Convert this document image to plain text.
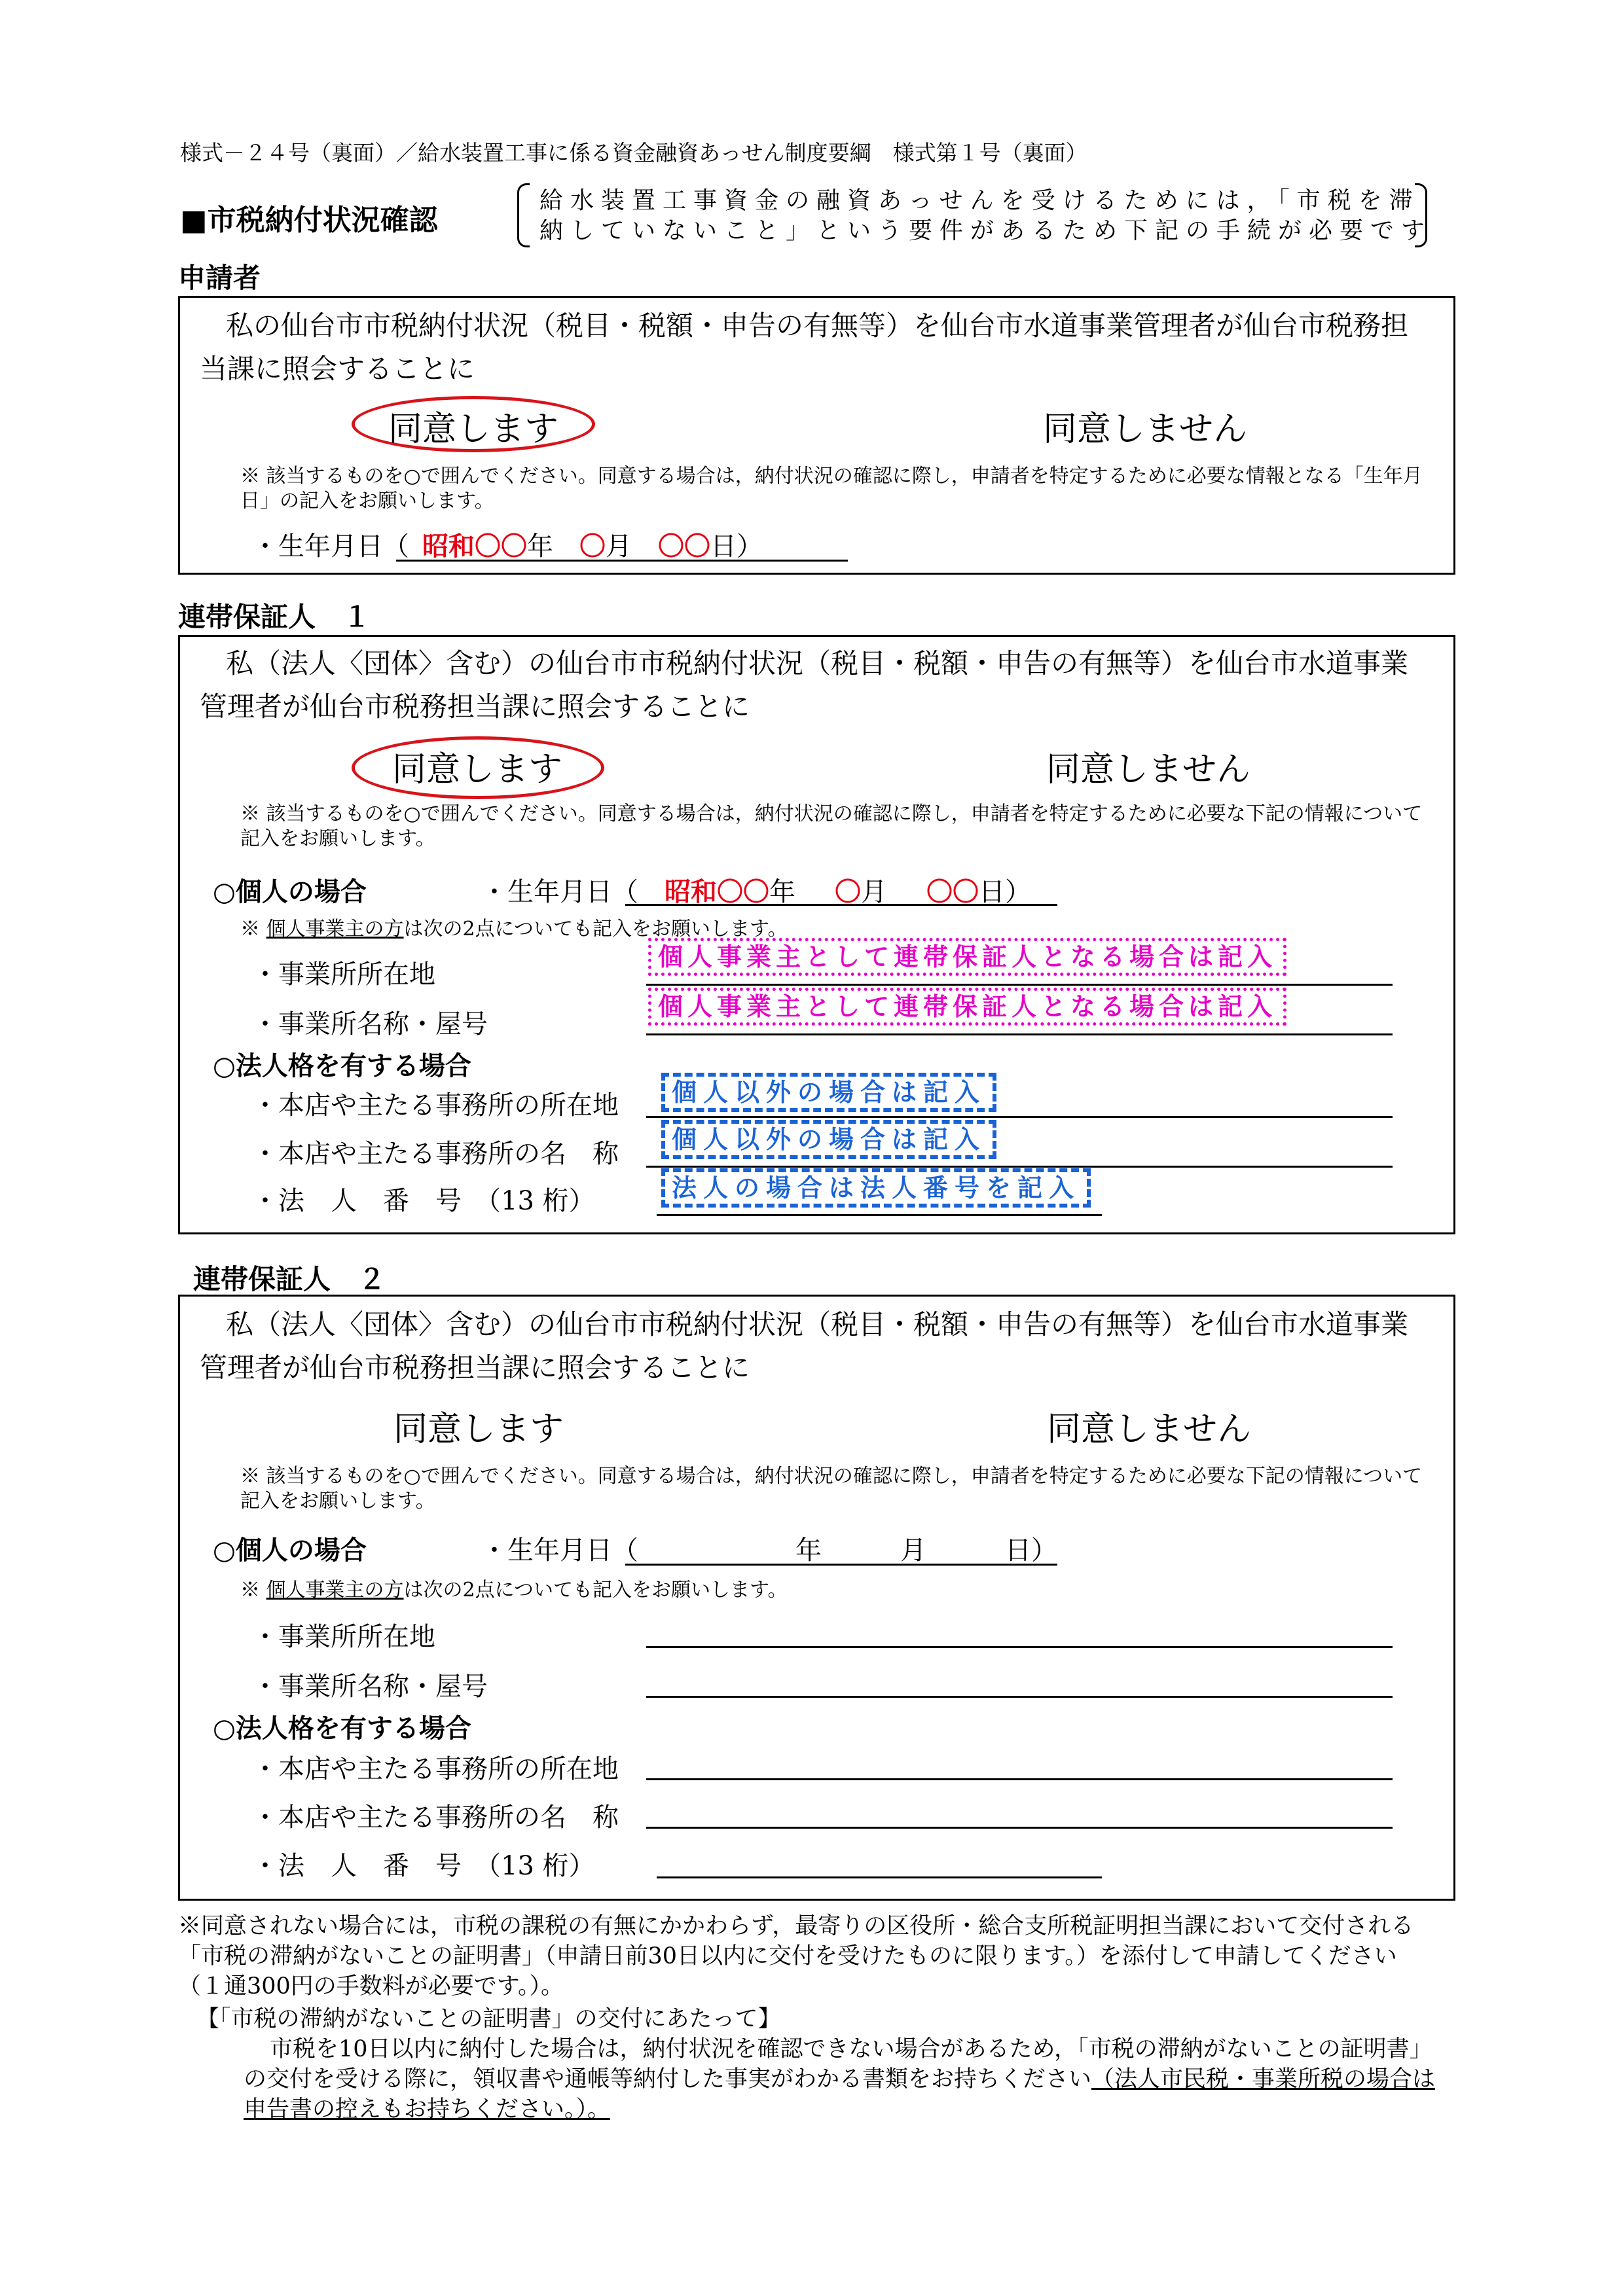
様式－２４号（裏面）／給水装置工事に係る資金融資あっせん制度要綱　様式第１号（裏面）
■市税納付状況確認
給水装置工事資金の融資あっせんを受けるためには，「市税を滞
納していないこと」という要件があるため下記の手続が必要です
申請者
私の仙台市市税納付状況（税目・税額・申告の有無等）を仙台市水道事業管理者が仙台市税務担当課に照会することに
同意します	同意しません
※ 該当するものを○で囲んでください。同意する場合は，納付状況の確認に際し，申請者を特定するために必要な情報となる「生年月日」の記入をお願いします。
・生年月日（ 昭和〇〇年 〇月 〇〇日）
連帯保証人　１
私（法人〈団体〉含む）の仙台市市税納付状況（税目・税額・申告の有無等）を仙台市水道事業管理者が仙台市税務担当課に照会することに
同意します	同意しません
※ 該当するものを○で囲んでください。同意する場合は，納付状況の確認に際し，申請者を特定するために必要な下記の情報について記入をお願いします。
○個人の場合	・生年月日（ 昭和〇〇年 〇月 〇〇日）
※ 個人事業主の方は次の2点についても記入をお願いします。
・事業所所在地
個人事業主として連帯保証人となる場合は記入
・事業所名称・屋号
個人事業主として連帯保証人となる場合は記入
○法人格を有する場合
・本店や主たる事務所の所在地	個人以外の場合は記入
・本店や主たる事務所の名　称	個人以外の場合は記入
・法　人　番　号　（13 桁）	法人の場合は法人番号を記入
連帯保証人　２
私（法人〈団体〉含む）の仙台市市税納付状況（税目・税額・申告の有無等）を仙台市水道事業管理者が仙台市税務担当課に照会することに
同意します	同意しません
※ 該当するものを○で囲んでください。同意する場合は，納付状況の確認に際し，申請者を特定するために必要な下記の情報について記入をお願いします。
○個人の場合	・生年月日（　　　　　　年　　　月　　　日）
※ 個人事業主の方は次の2点についても記入をお願いします。
・事業所所在地
・事業所名称・屋号
○法人格を有する場合
・本店や主たる事務所の所在地
・本店や主たる事務所の名　称
・法　人　番　号　（13 桁）
※同意されない場合には，市税の課税の有無にかかわらず，最寄りの区役所・総合支所税証明担当課において交付される「市税の滞納がないことの証明書」（申請日前30日以内に交付を受けたものに限ります。）を添付して申請してください（１通300円の手数料が必要です。）。
【「市税の滞納がないことの証明書」の交付にあたって】
市税を10日以内に納付した場合は，納付状況を確認できない場合があるため，「市税の滞納がないことの証明書」の交付を受ける際に，領収書や通帳等納付した事実がわかる書類をお持ちください（法人市民税・事業所税の場合は申告書の控えもお持ちください。）。
